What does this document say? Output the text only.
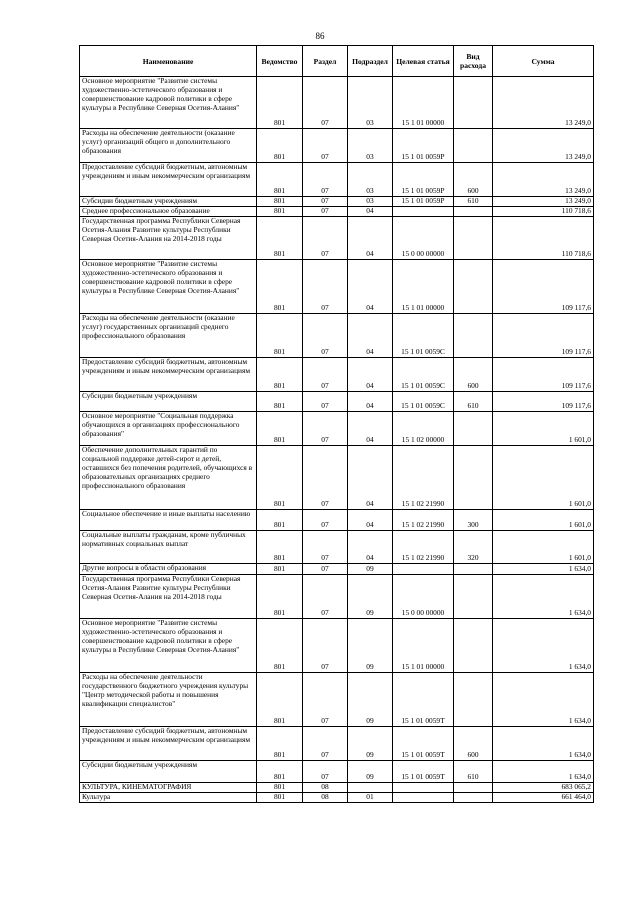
86
Наименование	Ведомство	Раздел	Подраздел	Целевая статья	Вид расхода	Сумма
Основное мероприятие "Развитие системы художественно-эстетического образования и совершенствование кадровой политики в сфере культуры в Республике Северная Осетия-Алания"	801	07	03	15 1 01 00000		13 249,0
Расходы на обеспечение деятельности (оказание услуг) организаций общего и дополнительного образования	801	07	03	15 1 01 0059Р		13 249,0
Предоставление субсидий бюджетным, автономным учреждениям и иным некоммерческим организациям	801	07	03	15 1 01 0059Р	600	13 249,0
Субсидии бюджетным учреждениям	801	07	03	15 1 01 0059Р	610	13 249,0
Среднее профессиональное образование	801	07	04			110 718,6
Государственная программа Республики Северная Осетия-Алания Развитие культуры Республики Северная Осетия-Алания на 2014-2018 годы	801	07	04	15 0 00 00000		110 718,6
Основное мероприятие "Развитие системы художественно-эстетического образования и совершенствование кадровой политики в сфере культуры в Республике Северная Осетия-Алания"	801	07	04	15 1 01 00000		109 117,6
Расходы на обеспечение деятельности (оказание услуг) государственных организаций среднего профессионального образования	801	07	04	15 1 01 0059С		109 117,6
Предоставление субсидий бюджетным, автономным учреждениям и иным некоммерческим организациям	801	07	04	15 1 01 0059С	600	109 117,6
Субсидии бюджетным учреждениям	801	07	04	15 1 01 0059С	610	109 117,6
Основное мероприятие "Социальная поддержка обучающихся в организациях профессионального образования"	801	07	04	15 1 02 00000		1 601,0
Обеспечение дополнительных гарантий по социальной поддержке детей-сирот и детей, оставшихся без попечения родителей, обучающихся в образовательных организациях среднего профессионального образования	801	07	04	15 1 02 21990		1 601,0
Социальное обеспечение и иные выплаты населению	801	07	04	15 1 02 21990	300	1 601,0
Социальные выплаты гражданам, кроме публичных нормативных социальных выплат	801	07	04	15 1 02 21990	320	1 601,0
Другие вопросы в области образования	801	07	09			1 634,0
Государственная программа Республики Северная Осетия-Алания Развитие культуры Республики Северная Осетия-Алания на 2014-2018 годы	801	07	09	15 0 00 00000		1 634,0
Основное мероприятие "Развитие системы художественно-эстетического образования и совершенствование кадровой политики в сфере культуры в Республике Северная Осетия-Алания"	801	07	09	15 1 01 00000		1 634,0
Расходы на обеспечение деятельности государственного бюджетного учреждения культуры "Центр методической работы и повышения квалификации специалистов"	801	07	09	15 1 01 0059Т		1 634,0
Предоставление субсидий бюджетным, автономным учреждениям и иным некоммерческим организациям	801	07	09	15 1 01 0059Т	600	1 634,0
Субсидии бюджетным учреждениям	801	07	09	15 1 01 0059Т	610	1 634,0
КУЛЬТУРА, КИНЕМАТОГРАФИЯ	801	08				683 065,2
Культура	801	08	01			661 464,0
